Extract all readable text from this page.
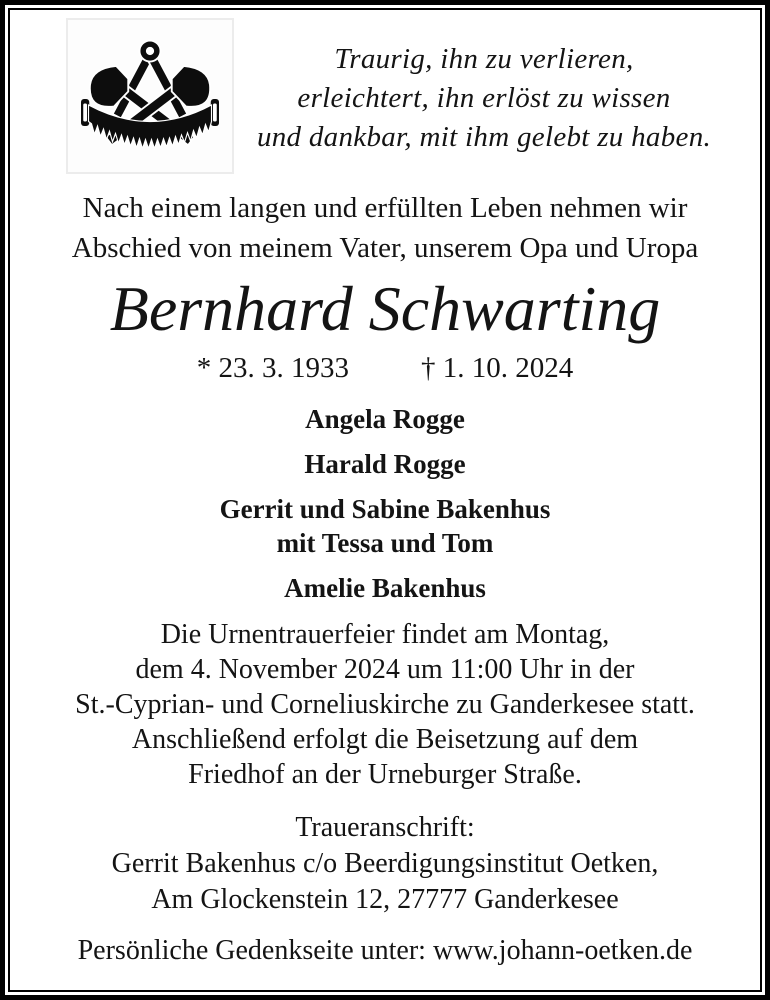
Traurig, ihn zu verlieren,
erleichtert, ihn erlöst zu wissen
und dankbar, mit ihm gelebt zu haben.
Nach einem langen und erfüllten Leben nehmen wir
Abschied von meinem Vater, unserem Opa und Uropa
Bernhard Schwarting
* 23. 3. 1933 † 1. 10. 2024
Angela Rogge
Harald Rogge
Gerrit und Sabine Bakenhus
mit Tessa und Tom
Amelie Bakenhus
Die Urnentrauerfeier findet am Montag,
dem 4. November 2024 um 11:00 Uhr in der
St.-Cyprian- und Corneliuskirche zu Ganderkesee statt.
Anschließend erfolgt die Beisetzung auf dem
Friedhof an der Urneburger Straße.
Traueranschrift:
Gerrit Bakenhus c/o Beerdigungsinstitut Oetken,
Am Glockenstein 12, 27777 Ganderkesee
Persönliche Gedenkseite unter: www.johann-oetken.de
